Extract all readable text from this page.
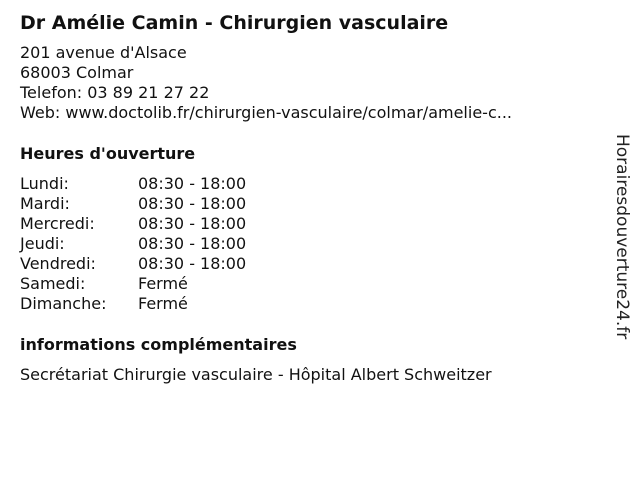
Dr Amélie Camin - Chirurgien vasculaire
201 avenue d'Alsace
68003 Colmar
Telefon: 03 89 21 27 22
Web: www.doctolib.fr/chirurgien-vasculaire/colmar/amelie-c...
Heures d'ouverture
Lundi:	08:30 - 18:00
Mardi:	08:30 - 18:00
Mercredi:	08:30 - 18:00
Jeudi:	08:30 - 18:00
Vendredi:	08:30 - 18:00
Samedi:	Fermé
Dimanche:	Fermé
informations complémentaires
Secrétariat Chirurgie vasculaire - Hôpital Albert Schweitzer
Horairesdouverture24.fr
